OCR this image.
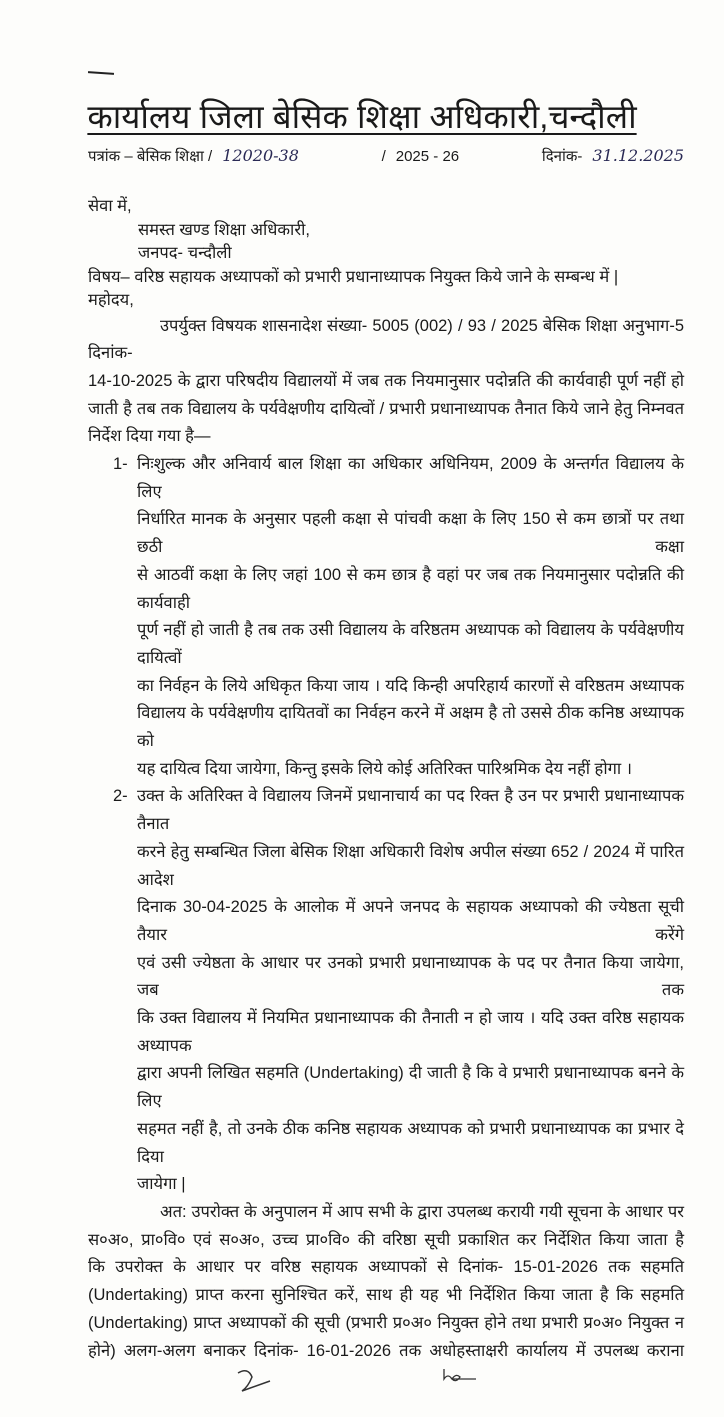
कार्यालय जिला बेसिक शिक्षा अधिकारी,चन्दौली
पत्रांक – बेसिक शिक्षा / 12020-38	/ 2025 - 26	दिनांक- 31.12.2025
सेवा में,
समस्त खण्ड शिक्षा अधिकारी,
जनपद- चन्दौली
विषय– वरिष्ठ सहायक अध्यापकों को प्रभारी प्रधानाध्यापक नियुक्त किये जाने के सम्बन्ध में |
महोदय,
उपर्युक्त विषयक शासनादेश संख्या- 5005 (002) / 93 / 2025 बेसिक शिक्षा अनुभाग-5 दिनांक-
14-10-2025 के द्वारा परिषदीय विद्यालयों में जब तक नियमानुसार पदोन्नति की कार्यवाही पूर्ण नहीं हो
जाती है तब तक विद्यालय के पर्यवेक्षणीय दायित्वों / प्रभारी प्रधानाध्यापक तैनात किये जाने हेतु निम्नवत
निर्देश दिया गया है—
1- निःशुल्क और अनिवार्य बाल शिक्षा का अधिकार अधिनियम, 2009 के अन्तर्गत विद्यालय के लिए
निर्धारित मानक के अनुसार पहली कक्षा से पांचवी कक्षा के लिए 150 से कम छात्रों पर तथा छठी कक्षा
से आठवीं कक्षा के लिए जहां 100 से कम छात्र है वहां पर जब तक नियमानुसार पदोन्नति की कार्यवाही
पूर्ण नहीं हो जाती है तब तक उसी विद्यालय के वरिष्ठतम अध्यापक को विद्यालय के पर्यवेक्षणीय दायित्वों
का निर्वहन के लिये अधिकृत किया जाय । यदि किन्ही अपरिहार्य कारणों से वरिष्ठतम अध्यापक
विद्यालय के पर्यवेक्षणीय दायितवों का निर्वहन करने में अक्षम है तो उससे ठीक कनिष्ठ अध्यापक को
यह दायित्व दिया जायेगा, किन्तु इसके लिये कोई अतिरिक्त पारिश्रमिक देय नहीं होगा ।
2- उक्त के अतिरिक्त वे विद्यालय जिनमें प्रधानाचार्य का पद रिक्त है उन पर प्रभारी प्रधानाध्यापक तैनात
करने हेतु सम्बन्धित जिला बेसिक शिक्षा अधिकारी विशेष अपील संख्या 652 / 2024 में पारित आदेश
दिनाक 30-04-2025 के आलोक में अपने जनपद के सहायक अध्यापको की ज्येष्ठता सूची तैयार करेंगे
एवं उसी ज्येष्ठता के आधार पर उनको प्रभारी प्रधानाध्यापक के पद पर तैनात किया जायेगा, जब तक
कि उक्त विद्यालय में नियमित प्रधानाध्यापक की तैनाती न हो जाय । यदि उक्त वरिष्ठ सहायक अध्यापक
द्वारा अपनी लिखित सहमति (Undertaking) दी जाती है कि वे प्रभारी प्रधानाध्यापक बनने के लिए
सहमत नहीं है, तो उनके ठीक कनिष्ठ सहायक अध्यापक को प्रभारी प्रधानाध्यापक का प्रभार दे दिया
जायेगा |
अत: उपरोक्त के अनुपालन में आप सभी के द्वारा उपलब्ध करायी गयी सूचना के आधार पर
स०अ०, प्रा०वि० एवं स०अ०, उच्च प्रा०वि० की वरिष्ठा सूची प्रकाशित कर निर्देशित किया जाता है
कि उपरोक्त के आधार पर वरिष्ठ सहायक अध्यापकों से दिनांक- 15-01-2026 तक सहमति
(Undertaking) प्राप्त करना सुनिश्चित करें, साथ ही यह भी निर्देशित किया जाता है कि सहमति
(Undertaking) प्राप्त अध्यापकों की सूची (प्रभारी प्र०अ० नियुक्त होने तथा प्रभारी प्र०अ० नियुक्त न
होने) अलग-अलग बनाकर दिनांक- 16-01-2026 तक अधोहस्ताक्षरी कार्यालय में उपलब्ध कराना
